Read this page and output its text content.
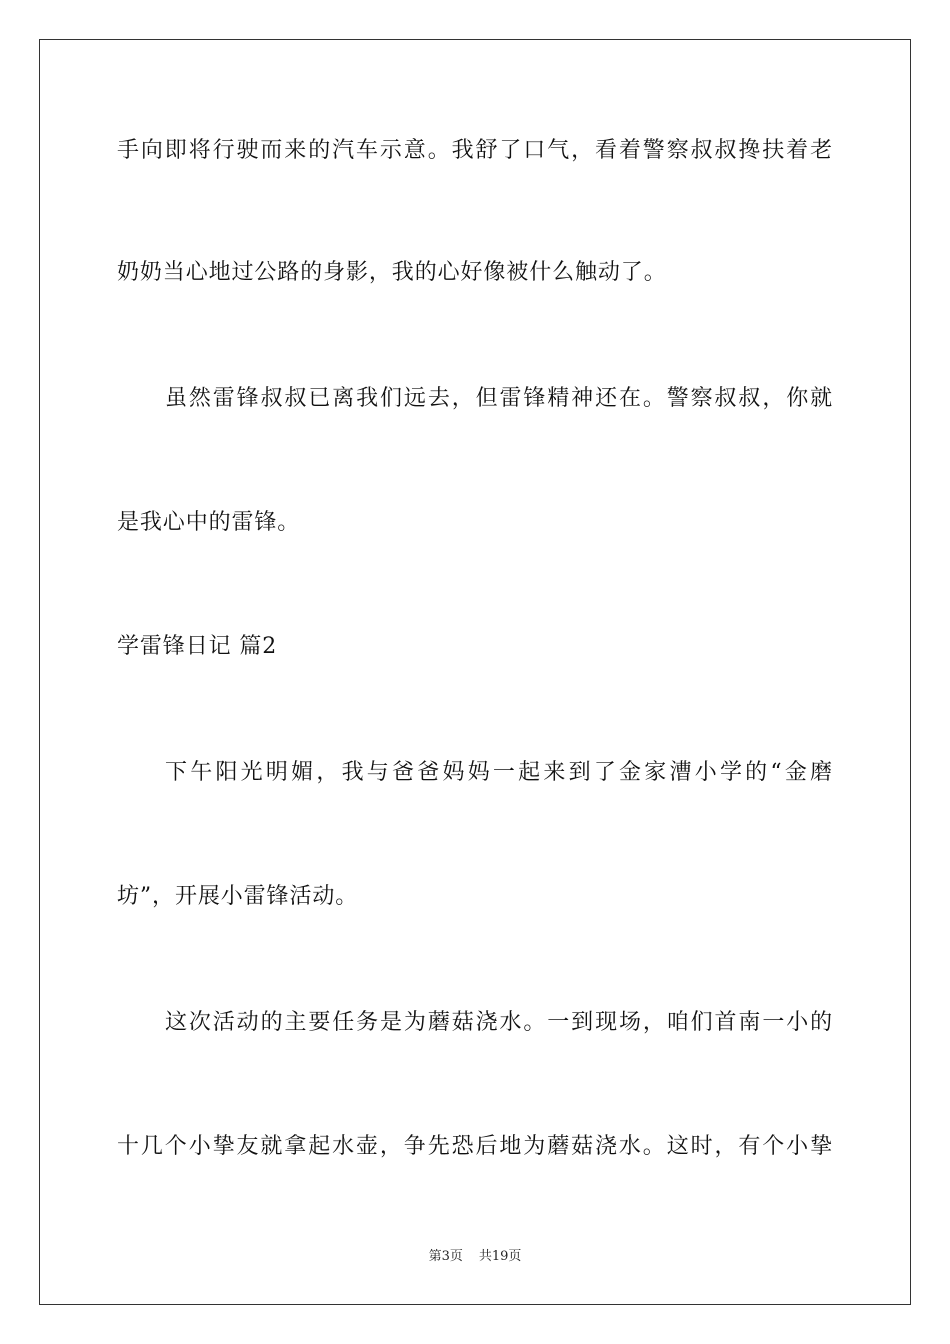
手向即将行驶而来的汽车示意。我舒了口气，看着警察叔叔搀扶着老
奶奶当心地过公路的身影，我的心好像被什么触动了。
虽然雷锋叔叔已离我们远去，但雷锋精神还在。警察叔叔，你就
是我心中的雷锋。
学雷锋日记 篇2
下午阳光明媚，我与爸爸妈妈一起来到了金家漕小学的“金磨
坊”，开展小雷锋活动。
这次活动的主要任务是为蘑菇浇水。一到现场，咱们首南一小的
十几个小挚友就拿起水壶，争先恐后地为蘑菇浇水。这时，有个小挚
第3页 共19页
